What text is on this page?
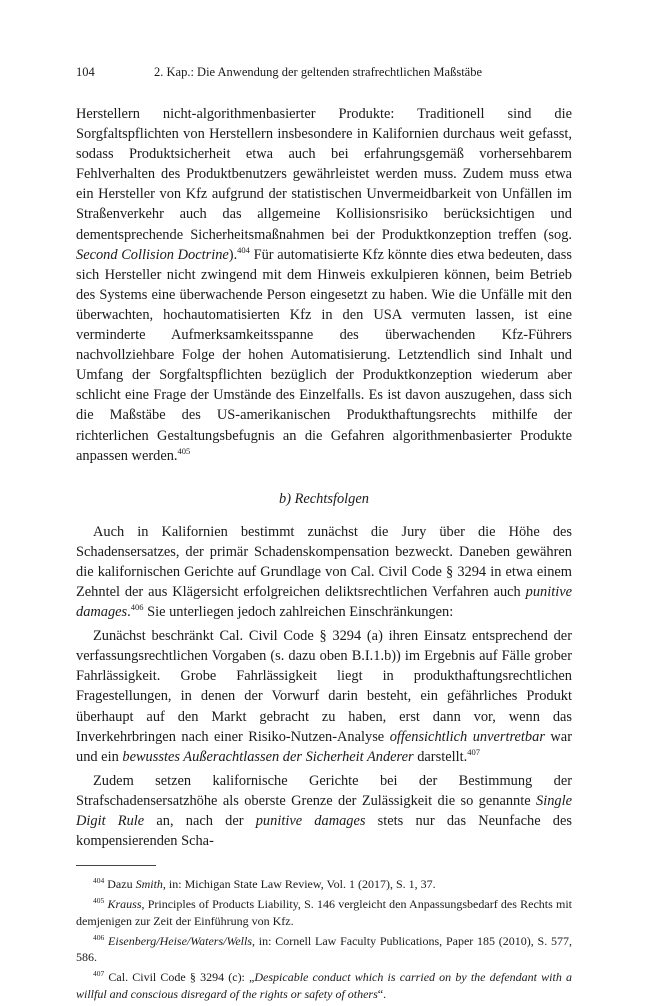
104	2. Kap.: Die Anwendung der geltenden strafrechtlichen Maßstäbe

Herstellern nicht-algorithmenbasierter Produkte: Traditionell sind die Sorgfaltspflichten von Herstellern insbesondere in Kalifornien durchaus weit gefasst, sodass Produktsicherheit etwa auch bei erfahrungsgemäß vorhersehbarem Fehlverhalten des Produktbenutzers gewährleistet werden muss. Zudem muss etwa ein Hersteller von Kfz aufgrund der statistischen Unvermeidbarkeit von Unfällen im Straßenverkehr auch das allgemeine Kollisionsrisiko berücksichtigen und dementsprechende Sicherheitsmaßnahmen bei der Produktkonzeption treffen (sog. Second Collision Doctrine).$^{404}$ Für automatisierte Kfz könnte dies etwa bedeuten, dass sich Hersteller nicht zwingend mit dem Hinweis exkulpieren können, beim Betrieb des Systems eine überwachende Person eingesetzt zu haben. Wie die Unfälle mit den überwachten, hochautomatisierten Kfz in den USA vermuten lassen, ist eine verminderte Aufmerksamkeitsspanne des überwachenden Kfz-Führers nachvollziehbare Folge der hohen Automatisierung. Letztendlich sind Inhalt und Umfang der Sorgfaltspflichten bezüglich der Produktkonzeption wiederum aber schlicht eine Frage der Umstände des Einzelfalls. Es ist davon auszugehen, dass sich die Maßstäbe des US-amerikanischen Produkthaftungsrechts mithilfe der richterlichen Gestaltungsbefugnis an die Gefahren algorithmenbasierter Produkte anpassen werden.$^{405}$

b) Rechtsfolgen

Auch in Kalifornien bestimmt zunächst die Jury über die Höhe des Schadensersatzes, der primär Schadenskompensation bezweckt. Daneben gewähren die kalifornischen Gerichte auf Grundlage von Cal. Civil Code § 3294 in etwa einem Zehntel der aus Klägersicht erfolgreichen deliktsrechtlichen Verfahren auch punitive damages.$^{406}$ Sie unterliegen jedoch zahlreichen Einschränkungen:

Zunächst beschränkt Cal. Civil Code § 3294 (a) ihren Einsatz entsprechend der verfassungsrechtlichen Vorgaben (s. dazu oben B.I.1.b)) im Ergebnis auf Fälle grober Fahrlässigkeit. Grobe Fahrlässigkeit liegt in produkthaftungsrechtlichen Fragestellungen, in denen der Vorwurf darin besteht, ein gefährliches Produkt überhaupt auf den Markt gebracht zu haben, erst dann vor, wenn das Inverkehrbringen nach einer Risiko-Nutzen-Analyse offensichtlich unvertretbar war und ein bewusstes Außerachtlassen der Sicherheit Anderer darstellt.$^{407}$

Zudem setzen kalifornische Gerichte bei der Bestimmung der Strafschadensersatzhöhe als oberste Grenze der Zulässigkeit die so genannte Single Digit Rule an, nach der punitive damages stets nur das Neunfache des kompensierenden Scha-

$^{404}$ Dazu Smith, in: Michigan State Law Review, Vol. 1 (2017), S. 1, 37.

$^{405}$ Krauss, Principles of Products Liability, S. 146 vergleicht den Anpassungsbedarf des Rechts mit demjenigen zur Zeit der Einführung von Kfz.

$^{406}$ Eisenberg/Heise/Waters/Wells, in: Cornell Law Faculty Publications, Paper 185 (2010), S. 577, 586.

$^{407}$ Cal. Civil Code § 3294 (c): „Despicable conduct which is carried on by the defendant with a willful and conscious disregard of the rights or safety of others“.
